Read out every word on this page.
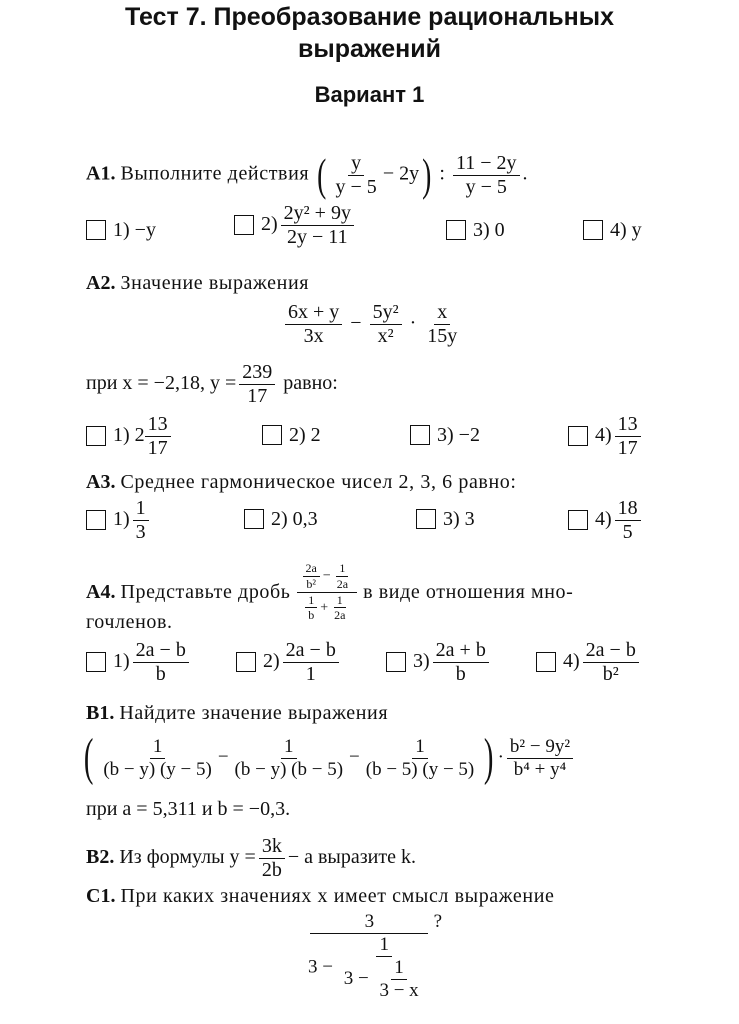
Тест 7. Преобразование рациональных
выражений
Вариант 1
А1. Выполните действия ( $\frac{y}{y - 5} - 2y$) : $\frac{11 - 2y}{y - 5}$ .
1) −y	$2) \frac{\text{2y² + 9y}}{2y - 11}$	3) 0	4) y
А2. Значение выражения
$\frac{6x + y}{3x} - \frac{\text{5y²}}{\text{x²}} \cdot \frac{x}{15y}$
при x = −2,18, $y = \frac{239}{17}$ равно:
1) $2 \frac{13}{17}$	2) 2	3) −2	$4) \frac{13}{17}$
А3. Среднее гармоническое чисел 2, 3, 6 равно:
$1) \frac{1}{3}$	2) 0,3	3) 3	$4) \frac{18}{5}$
А4.
Представьте дробь $\frac{\frac{2a}{\text{b²}} - \frac{1}{2a}}{\frac{1}{b} + \frac{1}{2a}}$ в виде отношения мно-
гочленов.
$1) \frac{2a - b}{b}$	$2) \frac{2a - b}{1}$	$3) \frac{2a + b}{b}$	$4) \frac{2a - b}{\text{b²}}$
В1. Найдите значение выражения
( $\frac{1}{(b - y) (y - 5)} - \frac{1}{(b - y) (b - 5)} - \frac{1}{(b - 5) (y - 5)}$ ) · $\frac{\text{b² − 9y²}}{\text{b⁴ + y⁴}}$
при a = 5,311 и b = −0,3.
В2. Из формулы $y = \frac{3k}{2b} - a$ выразите k.
С1. При каких значениях x имеет смысл выражение
3
$3 - \frac{1}{3 - \frac{1}{3 - x}}$
?
